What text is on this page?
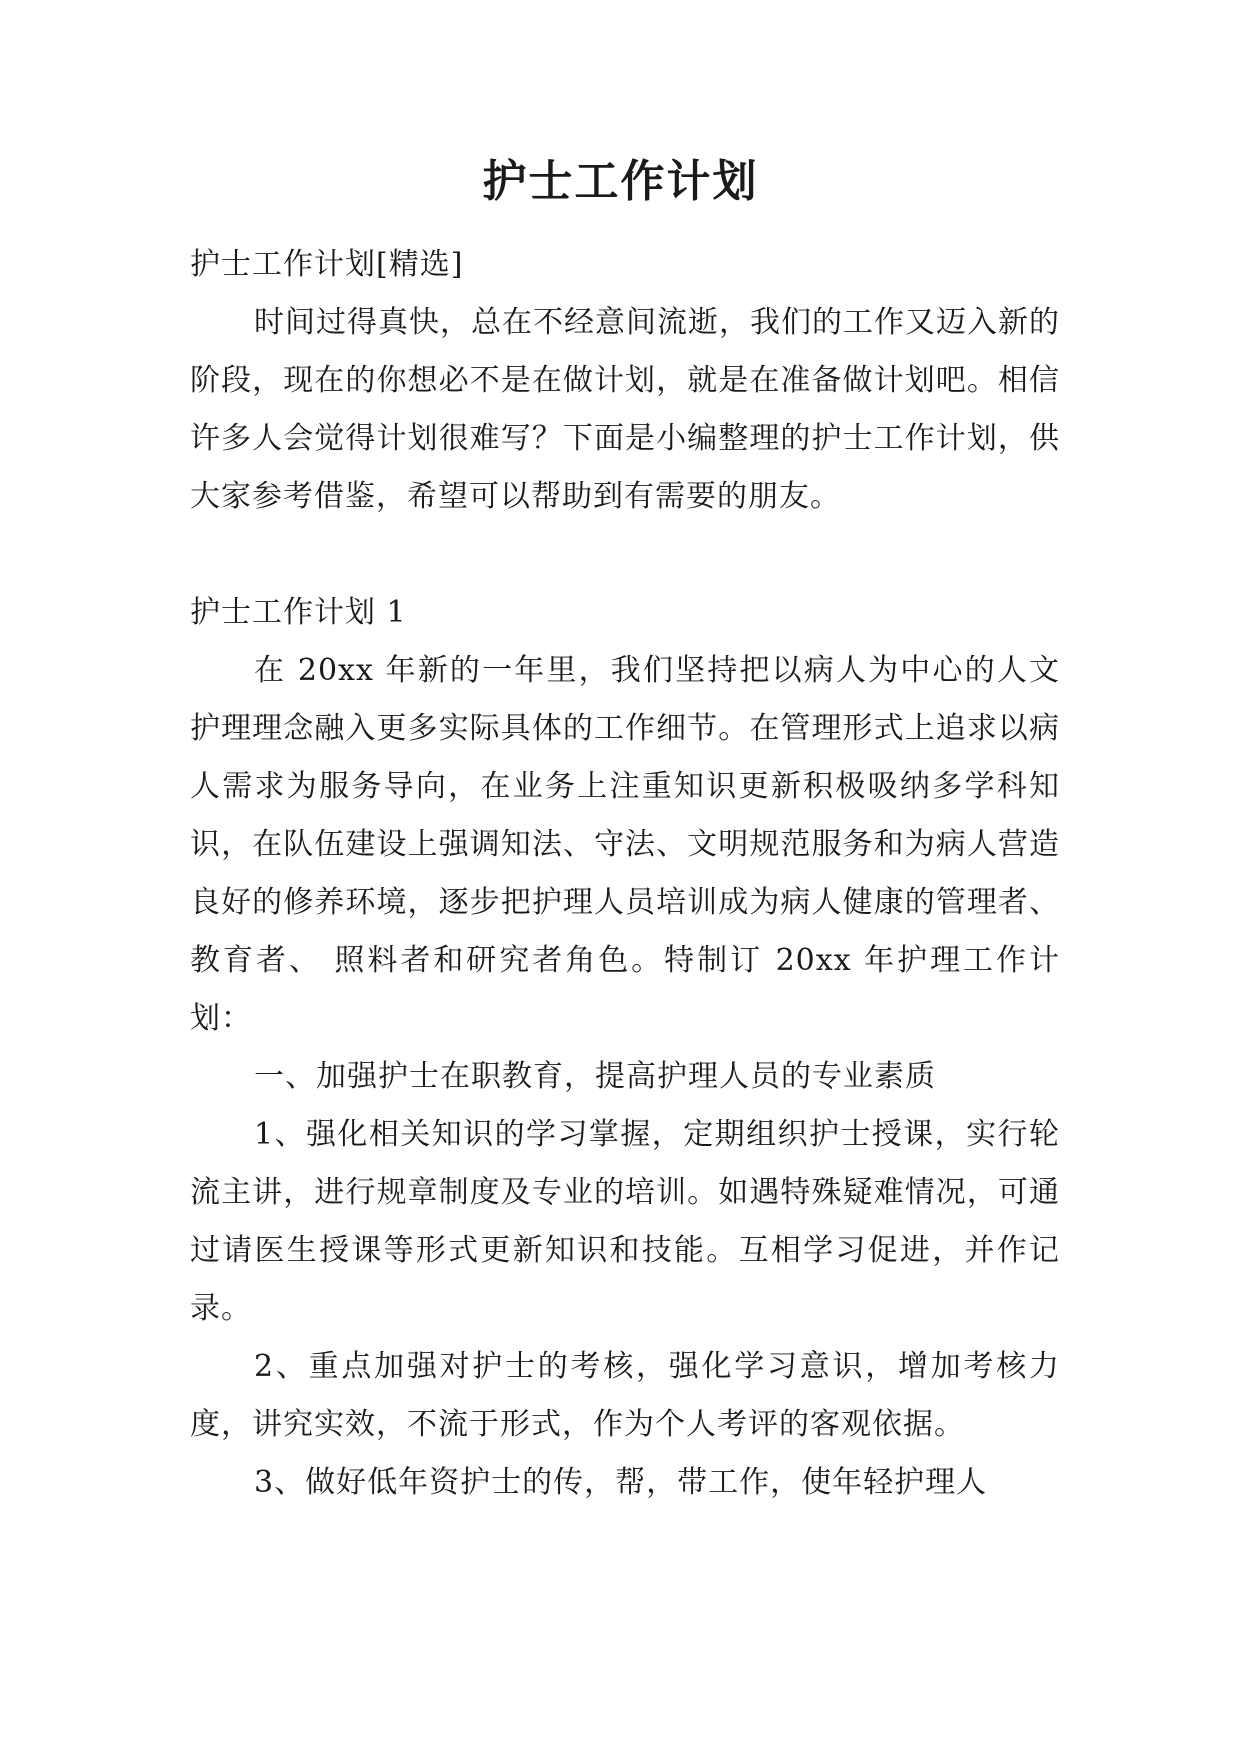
护士工作计划

护士工作计划[精选]

时间过得真快，总在不经意间流逝，我们的工作又迈入新的阶段，现在的你想必不是在做计划，就是在准备做计划吧。相信许多人会觉得计划很难写？下面是小编整理的护士工作计划，供大家参考借鉴，希望可以帮助到有需要的朋友。

护士工作计划 1

在 20xx 年新的一年里，我们坚持把以病人为中心的人文护理理念融入更多实际具体的工作细节。在管理形式上追求以病人需求为服务导向，在业务上注重知识更新积极吸纳多学科知识，在队伍建设上强调知法、守法、文明规范服务和为病人营造良好的修养环境，逐步把护理人员培训成为病人健康的管理者、教育者、 照料者和研究者角色。特制订 20xx 年护理工作计划：

一、加强护士在职教育，提高护理人员的专业素质

1、强化相关知识的学习掌握，定期组织护士授课，实行轮流主讲，进行规章制度及专业的培训。如遇特殊疑难情况，可通过请医生授课等形式更新知识和技能。互相学习促进，并作记录。

2、重点加强对护士的考核，强化学习意识，增加考核力度，讲究实效，不流于形式，作为个人考评的客观依据。

3、做好低年资护士的传，帮，带工作，使年轻护理人
